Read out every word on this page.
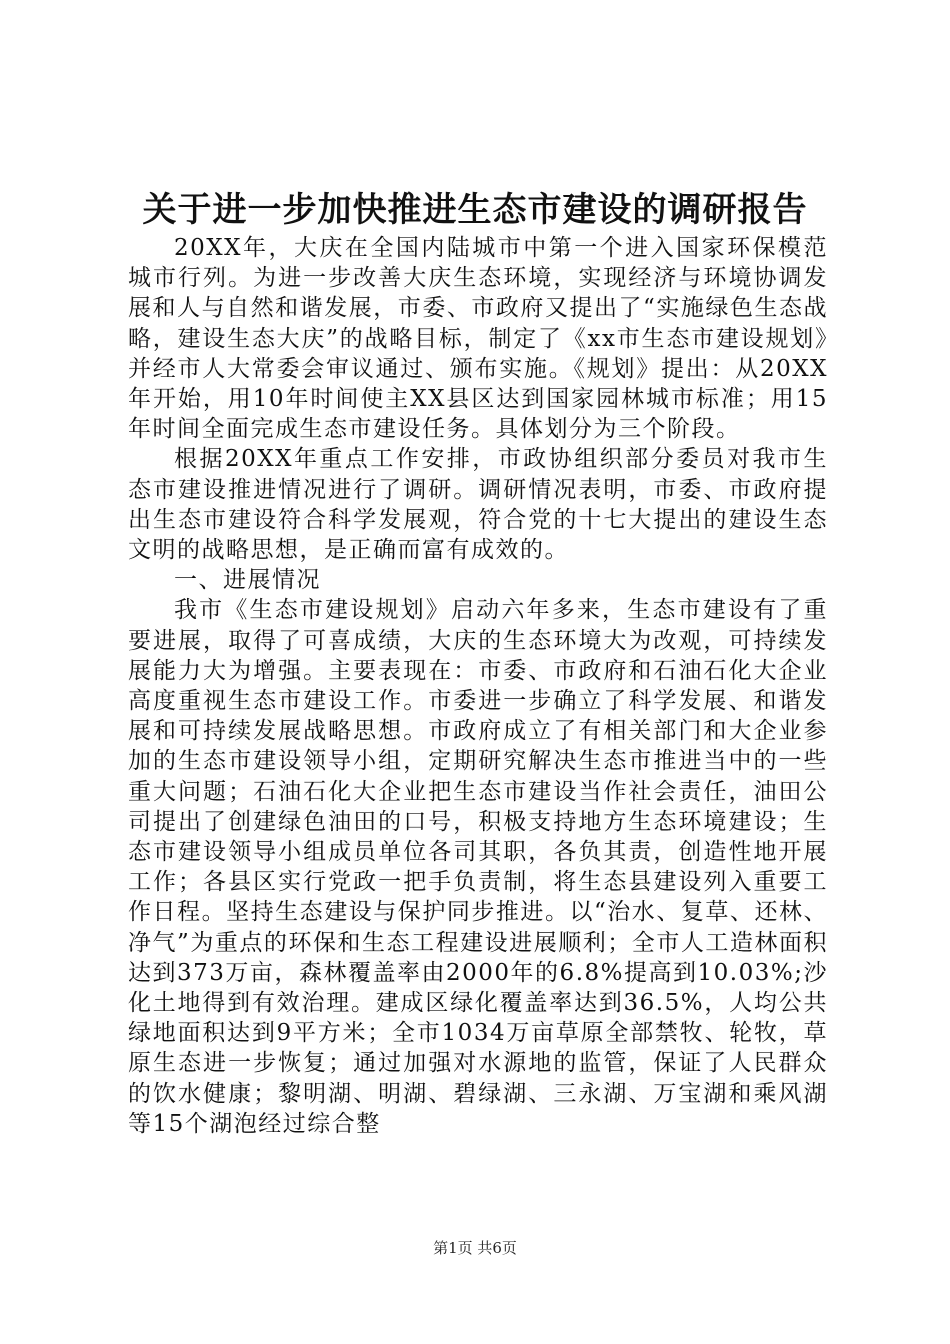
关于进一步加快推进生态市建设的调研报告

20XX年，大庆在全国内陆城市中第一个进入国家环保模范城市行列。为进一步改善大庆生态环境，实现经济与环境协调发展和人与自然和谐发展，市委、市政府又提出了“实施绿色生态战略，建设生态大庆”的战略目标，制定了《xx市生态市建设规划》并经市人大常委会审议通过、颁布实施。《规划》提出：从20XX年开始，用10年时间使主XX县区达到国家园林城市标准；用15年时间全面完成生态市建设任务。具体划分为三个阶段。

根据20XX年重点工作安排，市政协组织部分委员对我市生态市建设推进情况进行了调研。调研情况表明，市委、市政府提出生态市建设符合科学发展观，符合党的十七大提出的建设生态文明的战略思想，是正确而富有成效的。

一、进展情况

我市《生态市建设规划》启动六年多来，生态市建设有了重要进展，取得了可喜成绩，大庆的生态环境大为改观，可持续发展能力大为增强。主要表现在：市委、市政府和石油石化大企业高度重视生态市建设工作。市委进一步确立了科学发展、和谐发展和可持续发展战略思想。市政府成立了有相关部门和大企业参加的生态市建设领导小组，定期研究解决生态市推进当中的一些重大问题；石油石化大企业把生态市建设当作社会责任，油田公司提出了创建绿色油田的口号，积极支持地方生态环境建设；生态市建设领导小组成员单位各司其职，各负其责，创造性地开展工作；各县区实行党政一把手负责制，将生态县建设列入重要工作日程。坚持生态建设与保护同步推进。以“治水、复草、还林、净气”为重点的环保和生态工程建设进展顺利；全市人工造林面积达到373万亩，森林覆盖率由2000年的6.8%提高到10.03%;沙化土地得到有效治理。建成区绿化覆盖率达到36.5%，人均公共绿地面积达到9平方米；全市1034万亩草原全部禁牧、轮牧，草原生态进一步恢复；通过加强对水源地的监管，保证了人民群众的饮水健康；黎明湖、明湖、碧绿湖、三永湖、万宝湖和乘风湖等15个湖泡经过综合整

第1页 共6页
